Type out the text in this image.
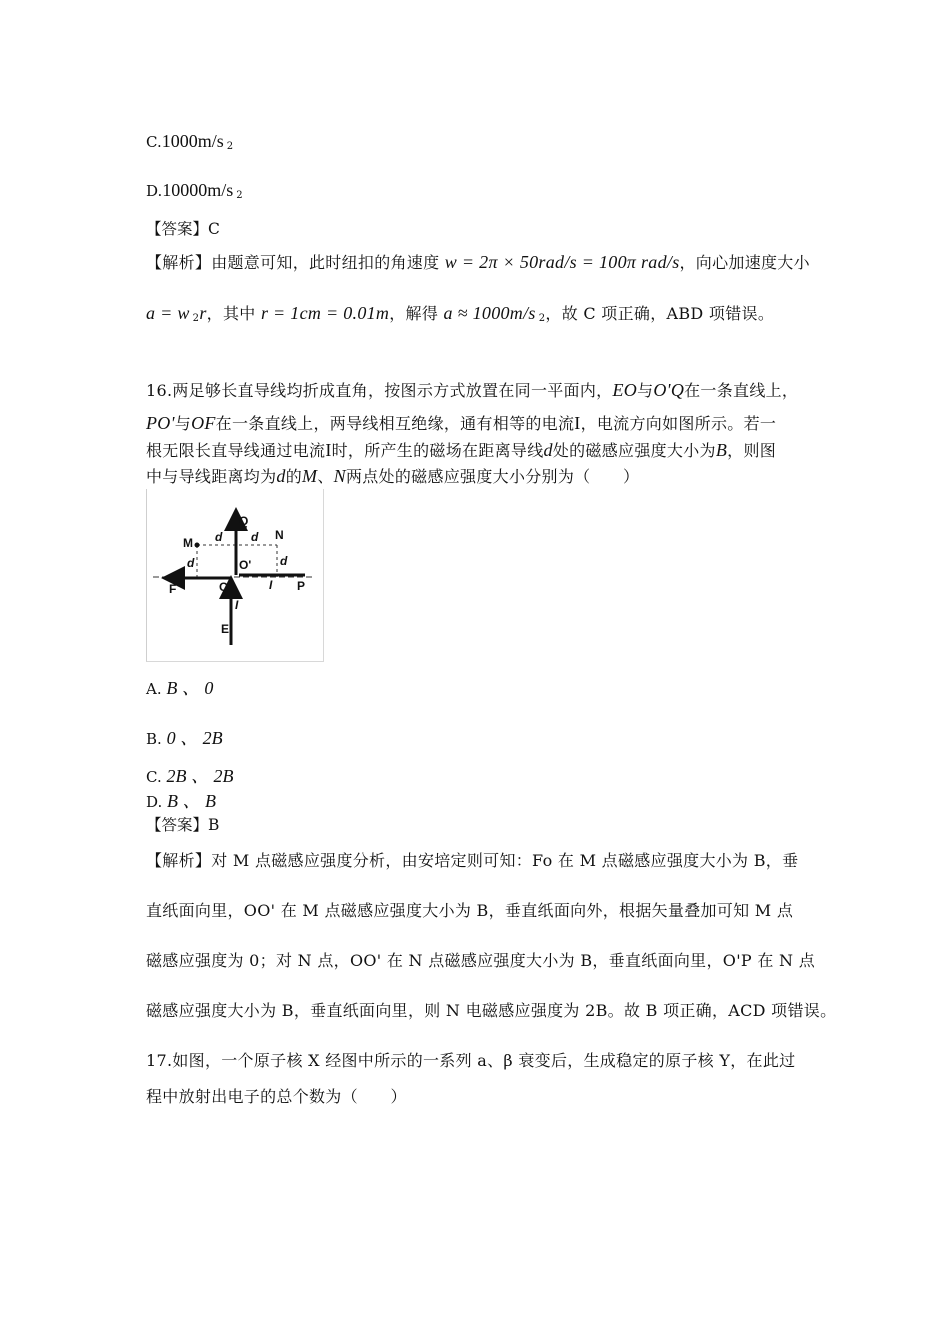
C.1000m/s $_2$
D.10000m/s $_2$
【答案】C
【解析】由题意可知，此时纽扣的角速度 w = 2π × 50rad/s = 100π rad/s，向心加速度大小
a = w $_2$r，其中 r = 1cm = 0.01m，解得 a ≈ 1000m/s $_2$，故 C 项正确，ABD 项错误。
16.两足够长直导线均折成直角，按图示方式放置在同一平面内，EO与O'Q在一条直线上，
PO'与OF在一条直线上，两导线相互绝缘，通有相等的电流I，电流方向如图所示。若一
根无限长直导线通过电流I时，所产生的磁场在距离导线d处的磁感应强度大小为B，则图
中与导线距离均为d的M、N两点处的磁感应强度大小分别为（　　）
Q
M
N
d d
d	d
O'
O
F	P
E
I
I
A. B 、 0
B. 0 、 2B
C. 2B 、 2B
D. B 、 B
【答案】B
【解析】对 M 点磁感应强度分析，由安培定则可知：Fo 在 M 点磁感应强度大小为 B，垂
直纸面向里，OO' 在 M 点磁感应强度大小为 B，垂直纸面向外，根据矢量叠加可知 M 点
磁感应强度为 0；对 N 点，OO' 在 N 点磁感应强度大小为 B，垂直纸面向里，O'P 在 N 点
磁感应强度大小为 B，垂直纸面向里，则 N 电磁感应强度为 2B。故 B 项正确，ACD 项错误。
17.如图，一个原子核 X 经图中所示的一系列 a、β 衰变后，生成稳定的原子核 Y，在此过
程中放射出电子的总个数为（　　）
